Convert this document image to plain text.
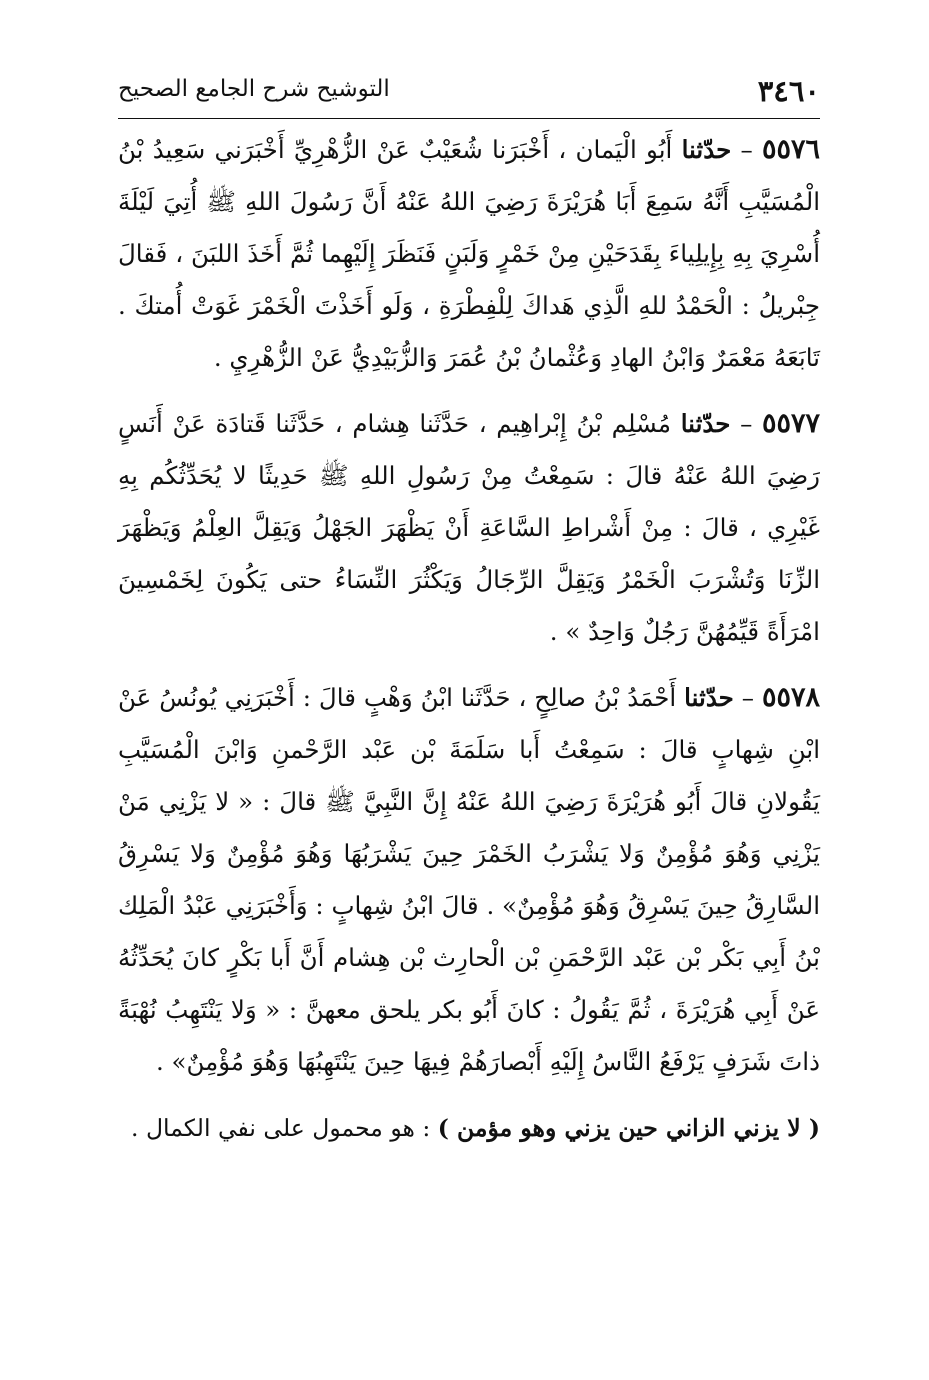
٣٤٦٠
التوشيح شرح الجامع الصحيح

٥٥٧٦ – حدّثنا أَبُو الْيَمان ، أَخْبَرَنا شُعَيْبٌ عَنْ الزُّهْرِيِّ أَخْبَرَني سَعِيدُ بْنُ الْمُسَيَّبِ أَنَّهُ سَمِعَ أَبَا هُرَيْرَةَ رَضِيَ اللهُ عَنْهُ أَنَّ رَسُولَ اللهِ ﷺ أُتِيَ لَيْلَةَ أُسْرِيَ بِهِ بِإِيلِياءَ بِقَدَحَيْنِ مِنْ خَمْرٍ وَلَبَنٍ فَنَظَرَ إِلَيْهِما ثُمَّ أَخَذَ اللبَنَ ، فَقالَ جِبْريلُ : الْحَمْدُ للهِ الَّذِي هَداكَ لِلْفِطْرَةِ ، وَلَو أَخَذْتَ الْخَمْرَ غَوَتْ أُمتكَ . تَابَعَهُ مَعْمَرٌ وَابْنُ الهادِ وَعُثْمانُ بْنُ عُمَرَ وَالزُّبَيْدِيُّ عَنْ الزُّهْرِيِ .

٥٥٧٧ – حدّثنا مُسْلِم بْنُ إِبْراهِيم ، حَدَّثَنا هِشام ، حَدَّثَنا قَتادَة عَنْ أَنَسٍ رَضِيَ اللهُ عَنْهُ قالَ : سَمِعْتُ مِنْ رَسُولِ اللهِ ﷺ حَدِيثًا لا يُحَدِّثُكُم بِهِ غَيْرِي ، قالَ : مِنْ أَشْراطِ السَّاعَةِ أَنْ يَظْهَرَ الجَهْلُ وَيَقِلَّ العِلْمُ وَيَظْهَرَ الزِّنَا وَتُشْرَبَ الْخَمْرُ وَيَقِلَّ الرِّجَالُ وَيَكْثُرَ النِّسَاءُ حتى يَكُونَ لِخَمْسِينَ امْرَأَةً قَيِّمُهُنَّ رَجُلٌ وَاحِدٌ » .

٥٥٧٨ – حدّثنا أَحْمَدُ بْنُ صالِحٍ ، حَدَّثَنا ابْنُ وَهْبٍ قالَ : أَخْبَرَنِي يُونُسُ عَنْ ابْنِ شِهابٍ قالَ : سَمِعْتُ أَبا سَلَمَةَ بْن عَبْد الرَّحْمنِ وَابْنَ الْمُسَيَّبِ يَقُولانِ قالَ أَبُو هُرَيْرَةَ رَضِيَ اللهُ عَنْهُ إِنَّ النَّبِيَّ ﷺ قالَ : « لا يَزْنِي مَنْ يَزْنِي وَهُوَ مُؤْمِنٌ وَلا يَشْرَبُ الخَمْرَ حِينَ يَشْرَبُهَا وَهُوَ مُؤْمِنٌ وَلا يَسْرِقُ السَّارِقُ حِينَ يَسْرِقُ وَهُوَ مُؤْمِنٌ» . قالَ ابْنُ شِهابٍ : وَأَخْبَرَنِي عَبْدُ الْمَلِك بْنُ أَبِي بَكْر بْن عَبْد الرَّحْمَنِ بْن الْحارِث بْن هِشام أَنَّ أَبا بَكْرٍ كانَ يُحَدِّثُهُ عَنْ أَبِي هُرَيْرَةَ ، ثُمَّ يَقُولُ : كانَ أَبُو بكر يلحق معهنَّ : « وَلا يَنْتَهِبُ نُهْبَةً ذاتَ شَرَفٍ يَرْفَعُ النَّاسُ إِلَيْهِ أَبْصارَهُمْ فِيهَا حِينَ يَنْتَهِبُهَا وَهُوَ مُؤْمِنٌ» .

( لا يزني الزاني حين يزني وهو مؤمن ) : هو محمول على نفي الكمال .
